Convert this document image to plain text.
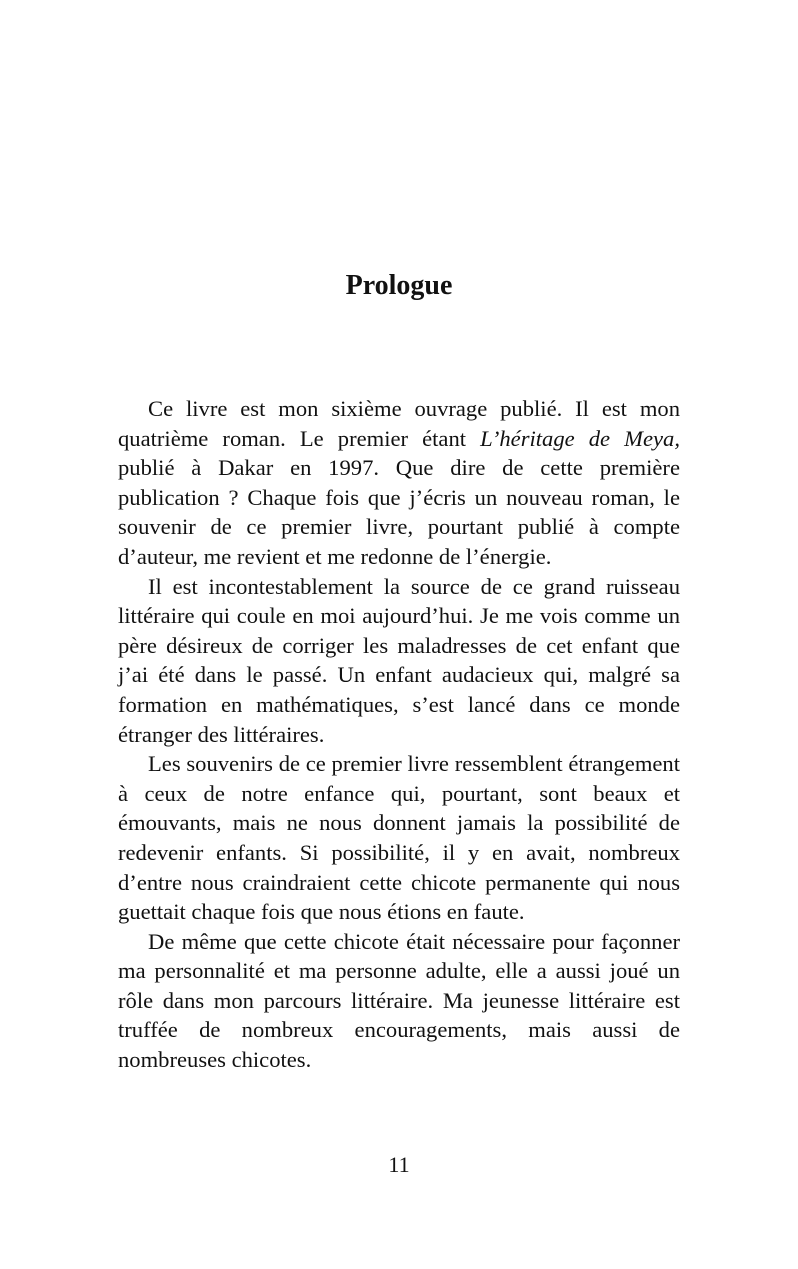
Prologue

Ce livre est mon sixième ouvrage publié. Il est mon quatrième roman. Le premier étant L’héritage de Meya, publié à Dakar en 1997. Que dire de cette première publication ? Chaque fois que j’écris un nouveau roman, le souvenir de ce premier livre, pourtant publié à compte d’auteur, me revient et me redonne de l’énergie.

Il est incontestablement la source de ce grand ruisseau littéraire qui coule en moi aujourd’hui. Je me vois comme un père désireux de corriger les maladresses de cet enfant que j’ai été dans le passé. Un enfant audacieux qui, malgré sa formation en mathématiques, s’est lancé dans ce monde étranger des littéraires.

Les souvenirs de ce premier livre ressemblent étrangement à ceux de notre enfance qui, pourtant, sont beaux et émouvants, mais ne nous donnent jamais la possibilité de redevenir enfants. Si possibilité, il y en avait, nombreux d’entre nous craindraient cette chicote permanente qui nous guettait chaque fois que nous étions en faute.

De même que cette chicote était nécessaire pour façonner ma personnalité et ma personne adulte, elle a aussi joué un rôle dans mon parcours littéraire. Ma jeunesse littéraire est truffée de nombreux encouragements, mais aussi de nombreuses chicotes.

11
